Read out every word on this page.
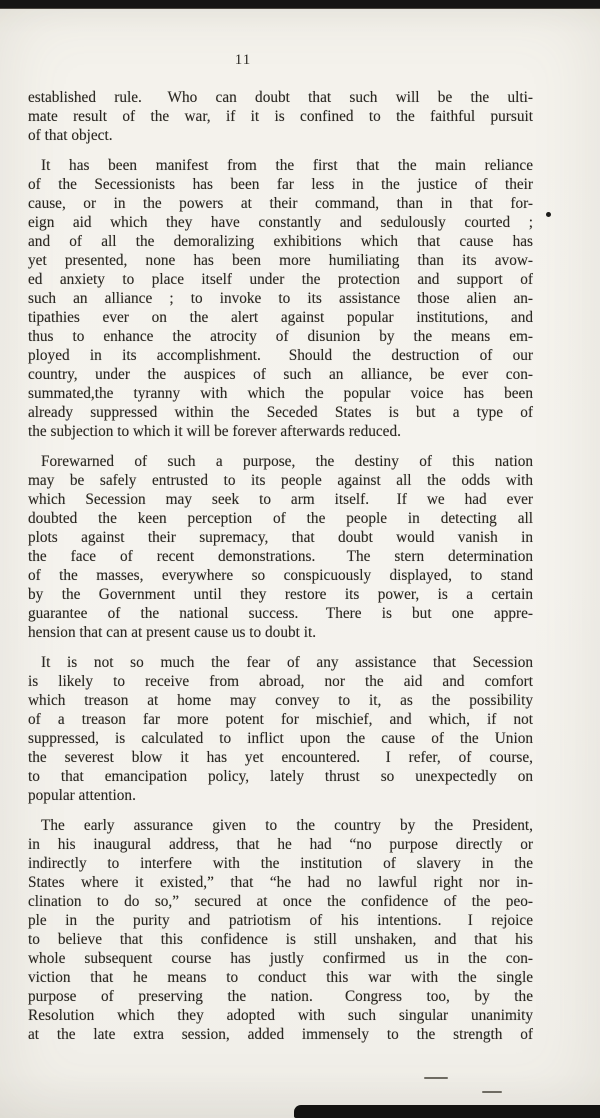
11
established rule.  Who can doubt that such will be the ulti-
mate result of the war, if it is confined to the faithful pursuit
of that object.
It has been manifest from the first that the main reliance
of the Secessionists has been far less in the justice of their
cause, or in the powers at their command, than in that for-
eign aid which they have constantly and sedulously courted ;
and of all the demoralizing exhibitions which that cause has
yet presented, none has been more humiliating than its avow-
ed anxiety to place itself under the protection and support of
such an alliance ; to invoke to its assistance those alien an-
tipathies ever on the alert against popular institutions, and
thus to enhance the atrocity of disunion by the means em-
ployed in its accomplishment.  Should the destruction of our
country, under the auspices of such an alliance, be ever con-
summated,the tyranny with which the popular voice has been
already suppressed within the Seceded States is but a type of
the subjection to which it will be forever afterwards reduced.
Forewarned of such a purpose, the destiny of this nation
may be safely entrusted to its people against all the odds with
which Secession may seek to arm itself.  If we had ever
doubted the keen perception of the people in detecting all
plots against their supremacy, that doubt would vanish in
the face of recent demonstrations.  The stern determination
of the masses, everywhere so conspicuously displayed, to stand
by the Government until they restore its power, is a certain
guarantee of the national success.  There is but one appre-
hension that can at present cause us to doubt it.
It is not so much the fear of any assistance that Secession
is likely to receive from abroad, nor the aid and comfort
which treason at home may convey to it, as the possibility
of a treason far more potent for mischief, and which, if not
suppressed, is calculated to inflict upon the cause of the Union
the severest blow it has yet encountered.  I refer, of course,
to that emancipation policy, lately thrust so unexpectedly on
popular attention.
The early assurance given to the country by the President,
in his inaugural address, that he had “no purpose directly or
indirectly to interfere with the institution of slavery in the
States where it existed,” that “he had no lawful right nor in-
clination to do so,” secured at once the confidence of the peo-
ple in the purity and patriotism of his intentions.  I rejoice
to believe that this confidence is still unshaken, and that his
whole subsequent course has justly confirmed us in the con-
viction that he means to conduct this war with the single
purpose of preserving the nation.  Congress too, by the
Resolution which they adopted with such singular unanimity
at the late extra session, added immensely to the strength of
